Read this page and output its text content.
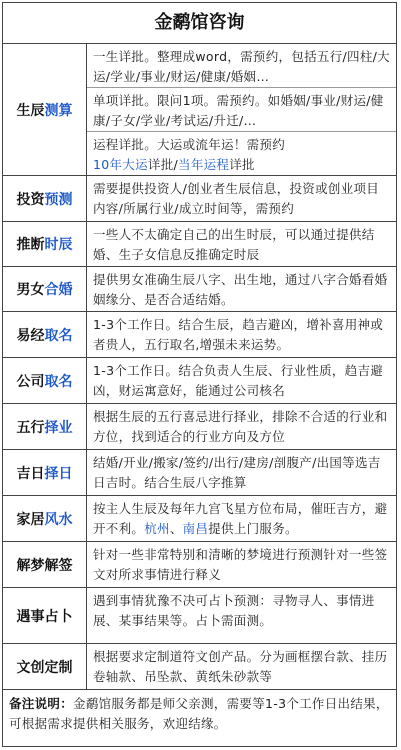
金鹬馆咨询
生辰 测算
一生详批。整理成word，需预约，包括五行/四柱/大运/学业/事业/财运/健康/婚姻…
单项详批。限问1项。需预约。如婚姻/事业/财运/健康/子女/学业/考试运/升迁/…
运程详批。大运或流年运！需预约
10年大运详批/当年运程详批
投资 预测
需要提供投资人/创业者生辰信息，投资或创业项目内容/所属行业/成立时间等，需预约
推断 时辰
一些人不太确定自己的出生时辰，可以通过提供结婚、生子女信息反推确定时辰
男女 合婚
提供男女准确生辰八字、出生地，通过八字合婚看婚姻缘分、是否合适结婚。
易经 取名
1-3个工作日。结合生辰，趋吉避凶，增补喜用神或者贵人，五行取名,增强未来运势。
公司 取名
1-3个工作日。结合负责人生辰、行业性质，趋吉避凶，财运寓意好，能通过公司核名
五行 择业
根据生辰的五行喜忌进行择业，排除不合适的行业和方位，找到适合的行业方向及方位
吉日 择日
结婚/开业/搬家/签约/出行/建房/剖腹产/出国等选吉日吉时。结合生辰八字推算
家居 风水
按主人生辰及每年九宫飞星方位布局，催旺吉方，避开不利。杭州、南昌提供上门服务。
解梦解签
针对一些非常特别和清晰的梦境进行预测针对一些签文对所求事情进行释义
遇事占卜
遇到事情犹豫不决可占卜预测：寻物寻人、事情进展、某事结果等。占卜需面测。
文创定制
根据要求定制道符文创产品。分为画框摆台款、挂历卷轴款、吊坠款、黄纸朱砂款等
备注说明：金鹬馆服务都是师父亲测，需要等1-3个工作日出结果，可根据需求提供相关服务，欢迎结缘。
